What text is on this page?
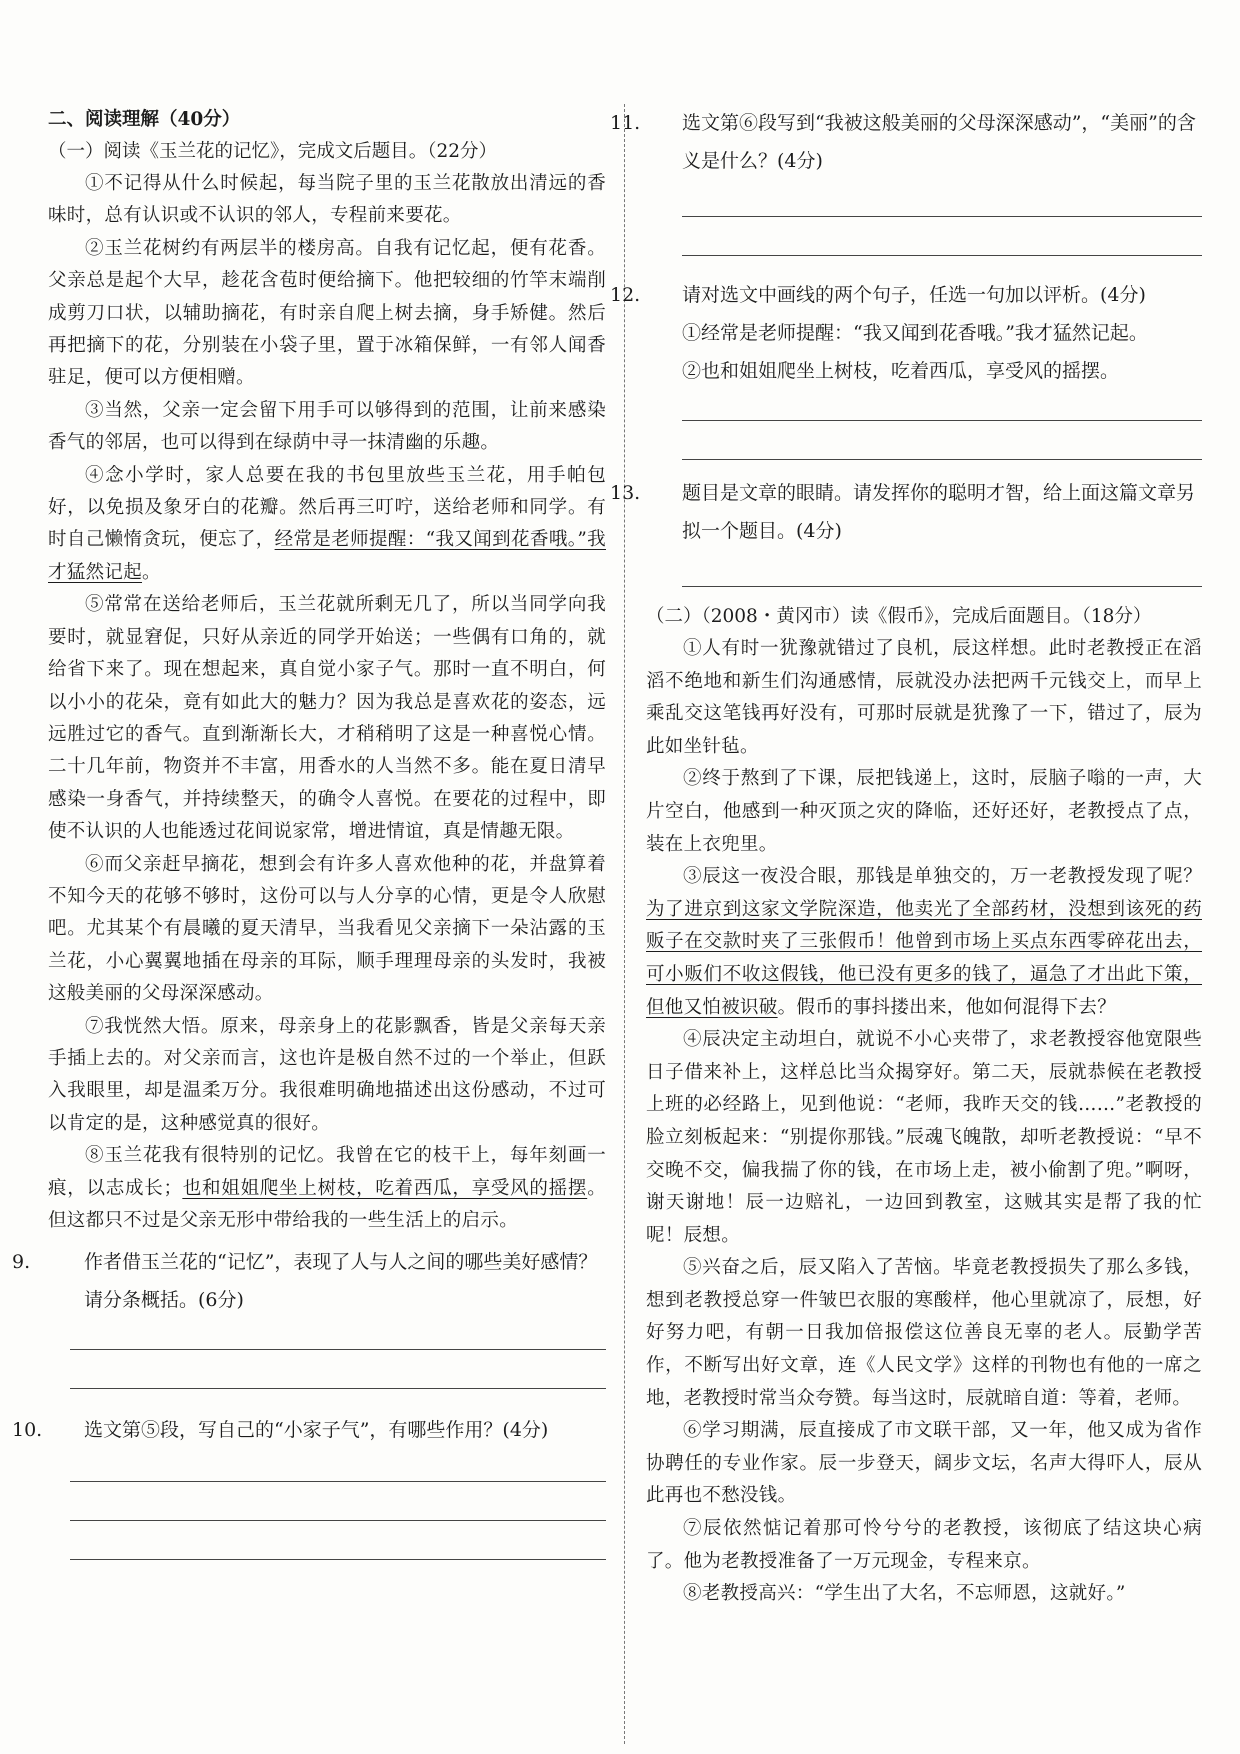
二、阅读理解（40分）
（一）阅读《玉兰花的记忆》，完成文后题目。（22分）

①不记得从什么时候起，每当院子里的玉兰花散放出清远的香味时，总有认识或不认识的邻人，专程前来要花。

②玉兰花树约有两层半的楼房高。自我有记忆起，便有花香。父亲总是起个大早，趁花含苞时便给摘下。他把较细的竹竿末端削成剪刀口状，以辅助摘花，有时亲自爬上树去摘，身手矫健。然后再把摘下的花，分别装在小袋子里，置于冰箱保鲜，一有邻人闻香驻足，便可以方便相赠。

③当然，父亲一定会留下用手可以够得到的范围，让前来感染香气的邻居，也可以得到在绿荫中寻一抹清幽的乐趣。

④念小学时，家人总要在我的书包里放些玉兰花，用手帕包好，以免损及象牙白的花瓣。然后再三叮咛，送给老师和同学。有时自己懒惰贪玩，便忘了，经常是老师提醒：“我又闻到花香哦。”我才猛然记起。

⑤常常在送给老师后，玉兰花就所剩无几了，所以当同学向我要时，就显窘促，只好从亲近的同学开始送；一些偶有口角的，就给省下来了。现在想起来，真自觉小家子气。那时一直不明白，何以小小的花朵，竟有如此大的魅力？因为我总是喜欢花的姿态，远远胜过它的香气。直到渐渐长大，才稍稍明了这是一种喜悦心情。二十几年前，物资并不丰富，用香水的人当然不多。能在夏日清早感染一身香气，并持续整天，的确令人喜悦。在要花的过程中，即使不认识的人也能透过花间说家常，增进情谊，真是情趣无限。

⑥而父亲赶早摘花，想到会有许多人喜欢他种的花，并盘算着不知今天的花够不够时，这份可以与人分享的心情，更是令人欣慰吧。尤其某个有晨曦的夏天清早，当我看见父亲摘下一朵沾露的玉兰花，小心翼翼地插在母亲的耳际，顺手理理母亲的头发时，我被这般美丽的父母深深感动。

⑦我恍然大悟。原来，母亲身上的花影飘香，皆是父亲每天亲手插上去的。对父亲而言，这也许是极自然不过的一个举止，但跃入我眼里，却是温柔万分。我很难明确地描述出这份感动，不过可以肯定的是，这种感觉真的很好。

⑧玉兰花我有很特别的记忆。我曾在它的枝干上，每年刻画一痕，以志成长；也和姐姐爬坐上树枝，吃着西瓜，享受风的摇摆。但这都只不过是父亲无形中带给我的一些生活上的启示。

9.	作者借玉兰花的“记忆”，表现了人与人之间的哪些美好感情？请分条概括。(6分)
10. 选文第⑤段，写自己的“小家子气”，有哪些作用？(4分)
11. 选文第⑥段写到“我被这般美丽的父母深深感动”，“美丽”的含义是什么？(4分)
12. 请对选文中画线的两个句子，任选一句加以评析。(4分)
①经常是老师提醒：“我又闻到花香哦。”我才猛然记起。
②也和姐姐爬坐上树枝，吃着西瓜，享受风的摇摆。
13. 题目是文章的眼睛。请发挥你的聪明才智，给上面这篇文章另拟一个题目。(4分)
（二）（2008・黄冈市）读《假币》，完成后面题目。（18分）

①人有时一犹豫就错过了良机，辰这样想。此时老教授正在滔滔不绝地和新生们沟通感情，辰就没办法把两千元钱交上，而早上乘乱交这笔钱再好没有，可那时辰就是犹豫了一下，错过了，辰为此如坐针毡。

②终于熬到了下课，辰把钱递上，这时，辰脑子嗡的一声，大片空白，他感到一种灭顶之灾的降临，还好还好，老教授点了点，装在上衣兜里。

③辰这一夜没合眼，那钱是单独交的，万一老教授发现了呢？为了进京到这家文学院深造，他卖光了全部药材，没想到该死的药贩子在交款时夹了三张假币！他曾到市场上买点东西零碎花出去，可小贩们不收这假钱，他已没有更多的钱了，逼急了才出此下策，但他又怕被识破。假币的事抖搂出来，他如何混得下去？

④辰决定主动坦白，就说不小心夹带了，求老教授容他宽限些日子借来补上，这样总比当众揭穿好。第二天，辰就恭候在老教授上班的必经路上，见到他说：“老师，我昨天交的钱……”老教授的脸立刻板起来：“别提你那钱。”辰魂飞魄散，却听老教授说：“早不交晚不交，偏我揣了你的钱，在市场上走，被小偷割了兜。”啊呀，谢天谢地！辰一边赔礼，一边回到教室，这贼其实是帮了我的忙呢！辰想。

⑤兴奋之后，辰又陷入了苦恼。毕竟老教授损失了那么多钱，想到老教授总穿一件皱巴衣服的寒酸样，他心里就凉了，辰想，好好努力吧，有朝一日我加倍报偿这位善良无辜的老人。辰勤学苦作，不断写出好文章，连《人民文学》这样的刊物也有他的一席之地，老教授时常当众夸赞。每当这时，辰就暗自道：等着，老师。

⑥学习期满，辰直接成了市文联干部，又一年，他又成为省作协聘任的专业作家。辰一步登天，阔步文坛，名声大得吓人，辰从此再也不愁没钱。

⑦辰依然惦记着那可怜兮兮的老教授，该彻底了结这块心病了。他为老教授准备了一万元现金，专程来京。

⑧老教授高兴：“学生出了大名，不忘师恩，这就好。”
